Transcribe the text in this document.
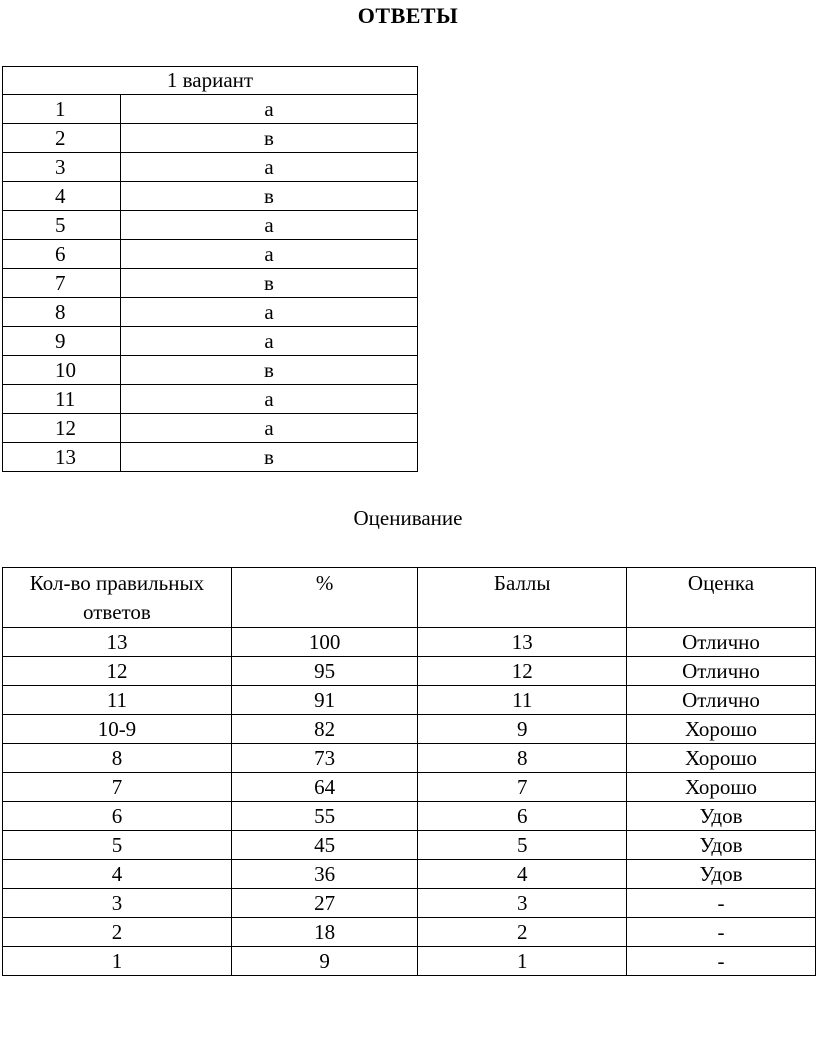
ОТВЕТЫ
1 вариант	
1	а
2	в
3	а
4	в
5	а
6	а
7	в
8	а
9	а
10	в
11	а
12	а
13	в
Оценивание
Кол-во правильных ответов	%	Баллы	Оценка
13	100	13	Отлично
12	95	12	Отлично
11	91	11	Отлично
10-9	82	9	Хорошо
8	73	8	Хорошо
7	64	7	Хорошо
6	55	6	Удов
5	45	5	Удов
4	36	4	Удов
3	27	3	-
2	18	2	-
1	9	1	-
